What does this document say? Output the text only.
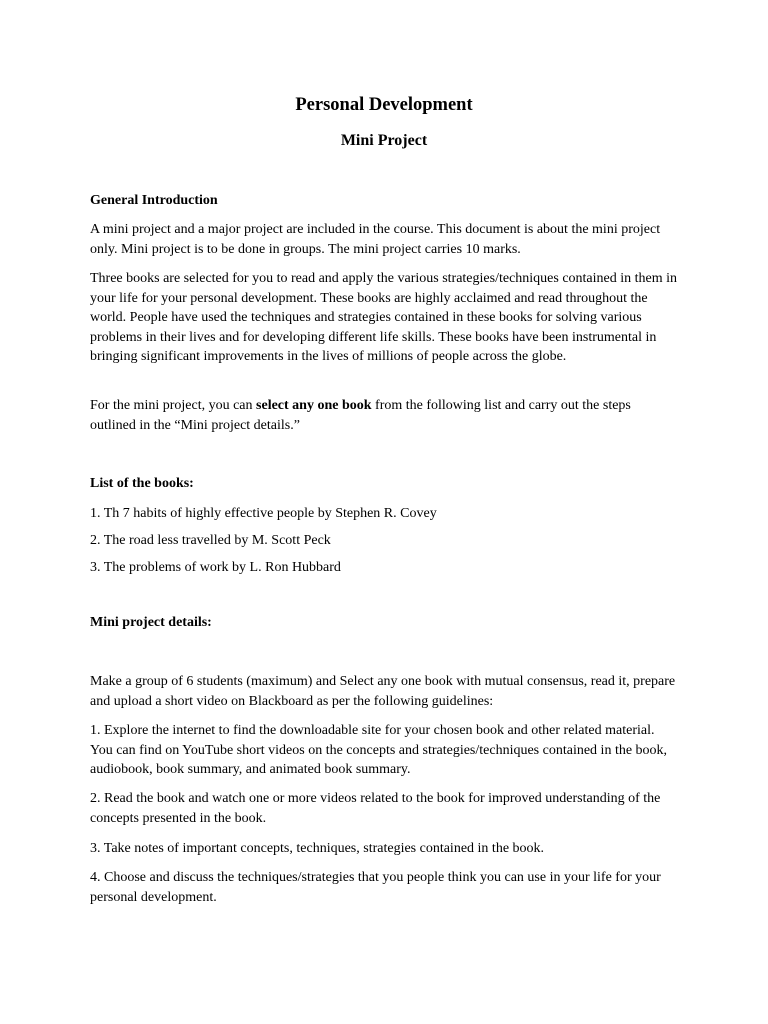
Personal Development
Mini Project

General Introduction

A mini project and a major project are included in the course. This document is about the mini project only. Mini project is to be done in groups. The mini project carries 10 marks.

Three books are selected for you to read and apply the various strategies/techniques contained in them in your life for your personal development. These books are highly acclaimed and read throughout the world. People have used the techniques and strategies contained in these books for solving various problems in their lives and for developing different life skills. These books have been instrumental in bringing significant improvements in the lives of millions of people across the globe.

For the mini project, you can select any one book from the following list and carry out the steps outlined in the “Mini project details.”

List of the books:

1. Th 7 habits of highly effective people by Stephen R. Covey

2. The road less travelled by M. Scott Peck

3. The problems of work by L. Ron Hubbard

Mini project details:

Make a group of 6 students (maximum) and Select any one book with mutual consensus, read it, prepare and upload a short video on Blackboard as per the following guidelines:

1. Explore the internet to find the downloadable site for your chosen book and other related material. You can find on YouTube short videos on the concepts and strategies/techniques contained in the book, audiobook, book summary, and animated book summary.

2. Read the book and watch one or more videos related to the book for improved understanding of the concepts presented in the book.

3. Take notes of important concepts, techniques, strategies contained in the book.

4. Choose and discuss the techniques/strategies that you people think you can use in your life for your personal development.
